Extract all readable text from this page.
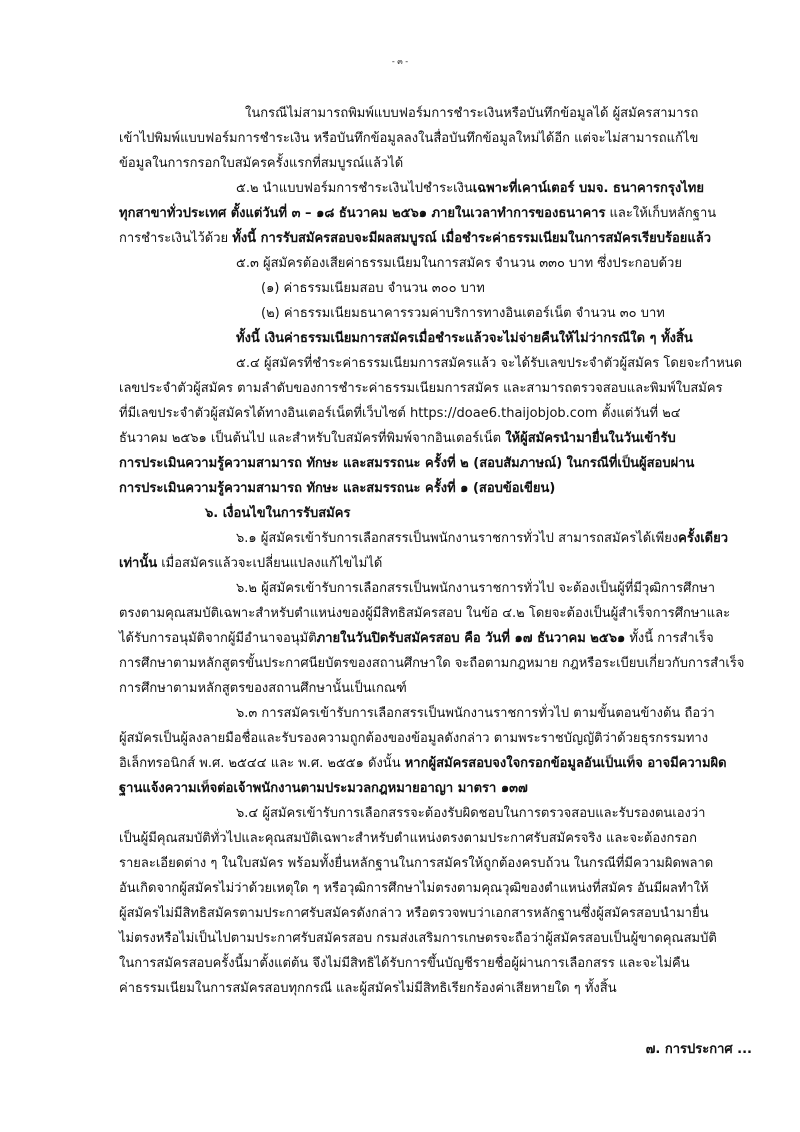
- ๓ -
ในกรณีไม่สามารถพิมพ์แบบฟอร์มการชำระเงินหรือบันทึกข้อมูลได้ ผู้สมัครสามารถ
เข้าไปพิมพ์แบบฟอร์มการชำระเงิน หรือบันทึกข้อมูลลงในสื่อบันทึกข้อมูลใหม่ได้อีก แต่จะไม่สามารถแก้ไข
ข้อมูลในการกรอกใบสมัครครั้งแรกที่สมบูรณ์แล้วได้
๕.๒ นำแบบฟอร์มการชำระเงินไปชำระเงินเฉพาะที่เคาน์เตอร์ บมจ. ธนาคารกรุงไทย
ทุกสาขาทั่วประเทศ ตั้งแต่วันที่ ๓ – ๑๘ ธันวาคม ๒๕๖๑ ภายในเวลาทำการของธนาคาร และให้เก็บหลักฐาน
การชำระเงินไว้ด้วย ทั้งนี้ การรับสมัครสอบจะมีผลสมบูรณ์ เมื่อชำระค่าธรรมเนียมในการสมัครเรียบร้อยแล้ว
๕.๓ ผู้สมัครต้องเสียค่าธรรมเนียมในการสมัคร จำนวน ๓๓๐ บาท ซึ่งประกอบด้วย
(๑) ค่าธรรมเนียมสอบ จำนวน ๓๐๐ บาท
(๒) ค่าธรรมเนียมธนาคารรวมค่าบริการทางอินเตอร์เน็ต จำนวน ๓๐ บาท
ทั้งนี้ เงินค่าธรรมเนียมการสมัครเมื่อชำระแล้วจะไม่จ่ายคืนให้ไม่ว่ากรณีใด ๆ ทั้งสิ้น
๕.๔ ผู้สมัครที่ชำระค่าธรรมเนียมการสมัครแล้ว จะได้รับเลขประจำตัวผู้สมัคร โดยจะกำหนด
เลขประจำตัวผู้สมัคร ตามลำดับของการชำระค่าธรรมเนียมการสมัคร และสามารถตรวจสอบและพิมพ์ใบสมัคร
ที่มีเลขประจำตัวผู้สมัครได้ทางอินเตอร์เน็ตที่เว็บไซต์ https://doae6.thaijobjob.com ตั้งแต่วันที่ ๒๔
ธันวาคม ๒๕๖๑ เป็นต้นไป และสำหรับใบสมัครที่พิมพ์จากอินเตอร์เน็ต ให้ผู้สมัครนำมายื่นในวันเข้ารับ
การประเมินความรู้ความสามารถ ทักษะ และสมรรถนะ ครั้งที่ ๒ (สอบสัมภาษณ์) ในกรณีที่เป็นผู้สอบผ่าน
การประเมินความรู้ความสามารถ ทักษะ และสมรรถนะ ครั้งที่ ๑ (สอบข้อเขียน)
๖. เงื่อนไขในการรับสมัคร
๖.๑ ผู้สมัครเข้ารับการเลือกสรรเป็นพนักงานราชการทั่วไป สามารถสมัครได้เพียงครั้งเดียว
เท่านั้น เมื่อสมัครแล้วจะเปลี่ยนแปลงแก้ไขไม่ได้
๖.๒ ผู้สมัครเข้ารับการเลือกสรรเป็นพนักงานราชการทั่วไป จะต้องเป็นผู้ที่มีวุฒิการศึกษา
ตรงตามคุณสมบัติเฉพาะสำหรับตำแหน่งของผู้มีสิทธิสมัครสอบ ในข้อ ๔.๒ โดยจะต้องเป็นผู้สำเร็จการศึกษาและ
ได้รับการอนุมัติจากผู้มีอำนาจอนุมัติภายในวันปิดรับสมัครสอบ คือ วันที่ ๑๗ ธันวาคม ๒๕๖๑ ทั้งนี้ การสำเร็จ
การศึกษาตามหลักสูตรขั้นประกาศนียบัตรของสถานศึกษาใด จะถือตามกฎหมาย กฎหรือระเบียบเกี่ยวกับการสำเร็จ
การศึกษาตามหลักสูตรของสถานศึกษานั้นเป็นเกณฑ์
๖.๓ การสมัครเข้ารับการเลือกสรรเป็นพนักงานราชการทั่วไป ตามขั้นตอนข้างต้น ถือว่า
ผู้สมัครเป็นผู้ลงลายมือชื่อและรับรองความถูกต้องของข้อมูลดังกล่าว ตามพระราชบัญญัติว่าด้วยธุรกรรมทาง
อิเล็กทรอนิกส์ พ.ศ. ๒๕๔๔ และ พ.ศ. ๒๕๕๑ ดังนั้น หากผู้สมัครสอบจงใจกรอกข้อมูลอันเป็นเท็จ อาจมีความผิด
ฐานแจ้งความเท็จต่อเจ้าพนักงานตามประมวลกฎหมายอาญา มาตรา ๑๓๗
๖.๔ ผู้สมัครเข้ารับการเลือกสรรจะต้องรับผิดชอบในการตรวจสอบและรับรองตนเองว่า
เป็นผู้มีคุณสมบัติทั่วไปและคุณสมบัติเฉพาะสำหรับตำแหน่งตรงตามประกาศรับสมัครจริง และจะต้องกรอก
รายละเอียดต่าง ๆ ในใบสมัคร พร้อมทั้งยื่นหลักฐานในการสมัครให้ถูกต้องครบถ้วน ในกรณีที่มีความผิดพลาด
อันเกิดจากผู้สมัครไม่ว่าด้วยเหตุใด ๆ หรือวุฒิการศึกษาไม่ตรงตามคุณวุฒิของตำแหน่งที่สมัคร อันมีผลทำให้
ผู้สมัครไม่มีสิทธิสมัครตามประกาศรับสมัครดังกล่าว หรือตรวจพบว่าเอกสารหลักฐานซึ่งผู้สมัครสอบนำมายื่น
ไม่ตรงหรือไม่เป็นไปตามประกาศรับสมัครสอบ กรมส่งเสริมการเกษตรจะถือว่าผู้สมัครสอบเป็นผู้ขาดคุณสมบัติ
ในการสมัครสอบครั้งนี้มาตั้งแต่ต้น จึงไม่มีสิทธิได้รับการขึ้นบัญชีรายชื่อผู้ผ่านการเลือกสรร และจะไม่คืน
ค่าธรรมเนียมในการสมัครสอบทุกกรณี และผู้สมัครไม่มีสิทธิเรียกร้องค่าเสียหายใด ๆ ทั้งสิ้น
๗. การประกาศ ...
